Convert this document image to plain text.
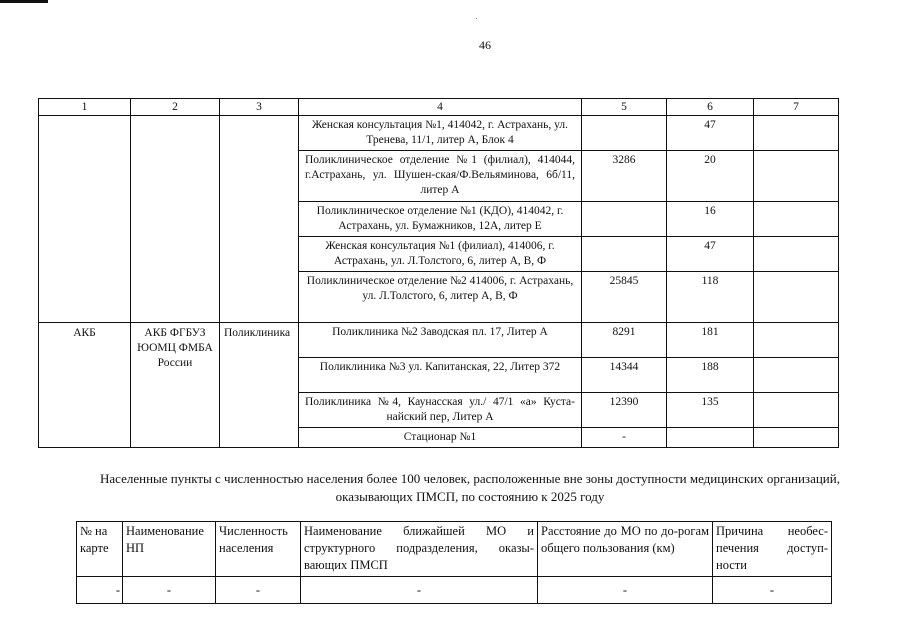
46
1	2	3	4	5	6	7
			Женская консультация №1, 414042, г. Астрахань, ул. Тренева, 11/1, литер А, Блок 4		47	
			Поликлиническое отделение №1 (филиал), 414044, г.Астрахань, ул. Шушен-ская/Ф.Вельяминова, 6б/11, литер А	3286	20	
			Поликлиническое отделение №1 (КДО), 414042, г. Астрахань, ул. Бумажников, 12А, литер Е		16	
			Женская консультация №1 (филиал), 414006, г. Астрахань, ул. Л.Толстого, 6, литер А, В, Ф		47	
			Поликлиническое отделение №2 414006, г. Астрахань, ул. Л.Толстого, 6, литер А, В, Ф	25845	118	
АКБ	АКБ ФГБУЗ ЮОМЦ ФМБА России	Поликлиника	Поликлиника №2 Заводская пл. 17, Литер А	8291	181	
			Поликлиника №3 ул. Капитанская, 22, Литер 372	14344	188	
			Поликлиника №4, Каунасская ул./ 47/1 «а» Куста-найский пер, Литер А	12390	135	
			Стационар №1	-		
Населенные пункты с численностью населения более 100 человек, расположенные вне зоны доступности медицинских организаций, оказывающих ПМСП, по состоянию к 2025 году
№ на карте	Наименование НП	Численность населения	Наименование ближайшей МО и структурного подразделения, оказы-вающих ПМСП	Расстояние до МО по до-рогам общего пользования (км)	Причина необес-печения доступ-ности
-	-	-	-	-	-
